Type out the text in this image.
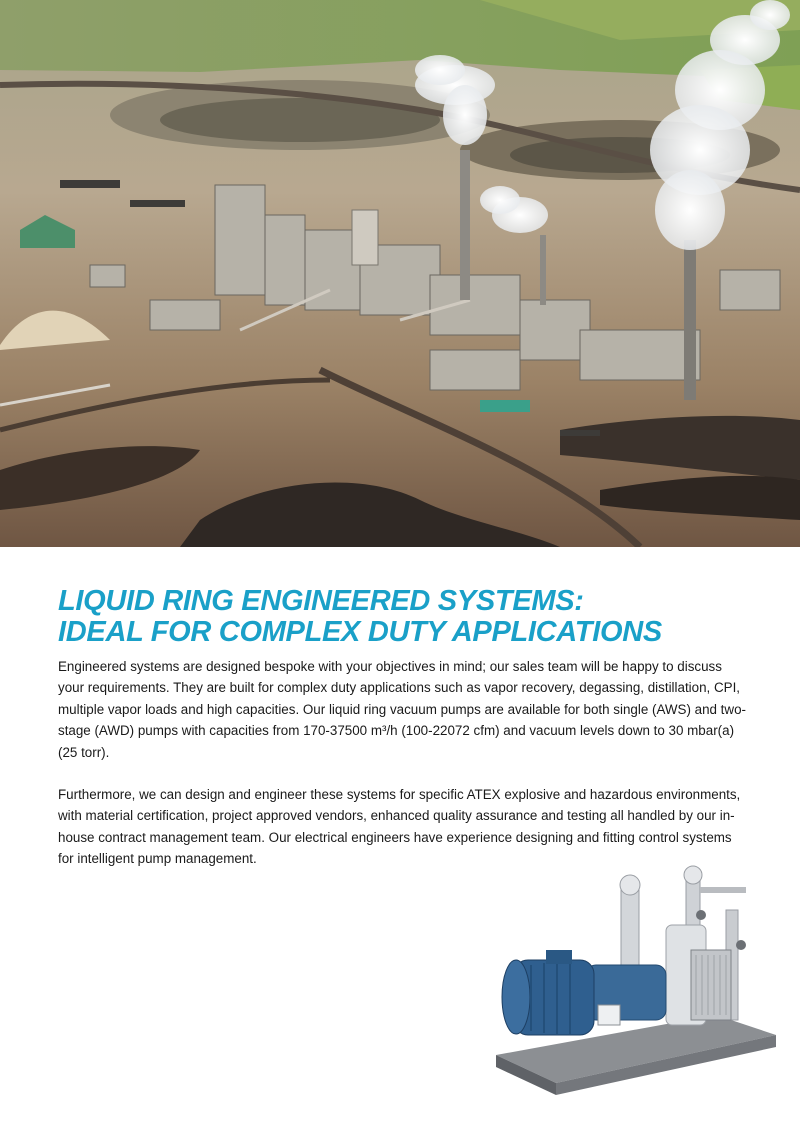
LIQUID RING ENGINEERED SYSTEMS:
IDEAL FOR COMPLEX DUTY APPLICATIONS

Engineered systems are designed bespoke with your objectives in mind; our sales team will be happy to discuss your requirements. They are built for complex duty applications such as vapor recovery, degassing, distillation, CPI, multiple vapor loads and high capacities. Our liquid ring vacuum pumps are available for both single (AWS) and two-stage (AWD) pumps with capacities from 170-37500 m³/h (100-22072 cfm) and vacuum levels down to 30 mbar(a) (25 torr).

Furthermore, we can design and engineer these systems for specific ATEX explosive and hazardous environments, with material certification, project approved vendors, enhanced quality assurance and testing all handled by our in-house contract management team. Our electrical engineers have experience designing and fitting control systems for intelligent pump management.
